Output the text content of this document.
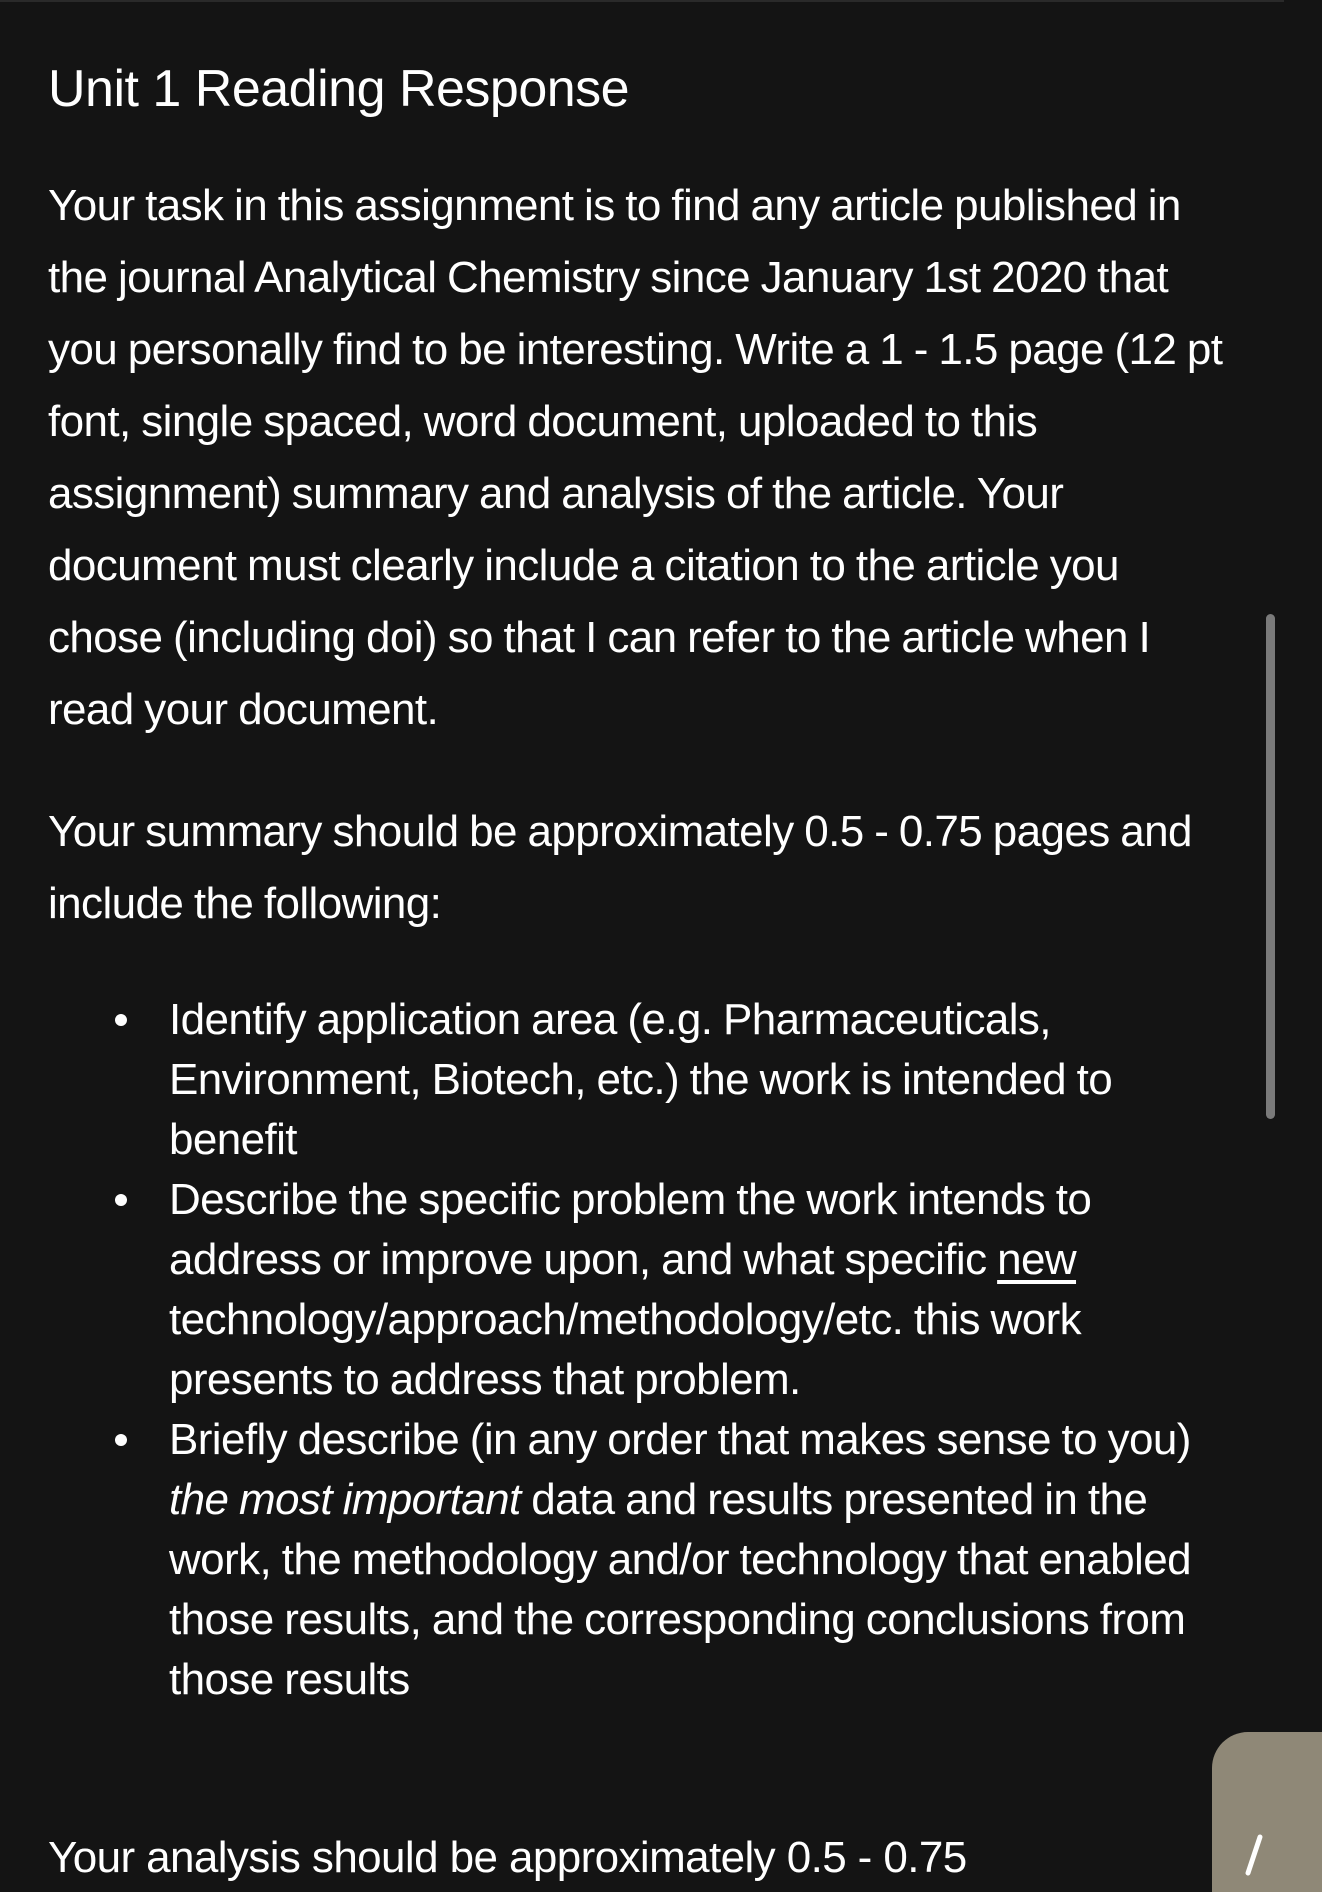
Unit 1 Reading Response

Your task in this assignment is to find any article published in the journal Analytical Chemistry since January 1st 2020 that you personally find to be interesting. Write a 1 - 1.5 page (12 pt font, single spaced, word document, uploaded to this assignment) summary and analysis of the article. Your document must clearly include a citation to the article you chose (including doi) so that I can refer to the article when I read your document.

Your summary should be approximately 0.5 - 0.75 pages and include the following:

Identify application area (e.g. Pharmaceuticals, Environment, Biotech, etc.) the work is intended to benefit
Describe the specific problem the work intends to address or improve upon, and what specific new technology/approach/methodology/etc. this work presents to address that problem.
Briefly describe (in any order that makes sense to you) the most important data and results presented in the work, the methodology and/or technology that enabled those results, and the corresponding conclusions from those results
Your analysis should be approximately 0.5 - 0.75
